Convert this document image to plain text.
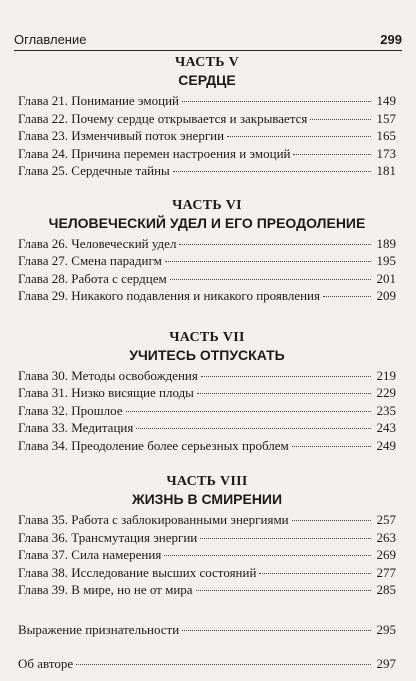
Оглавление	299
ЧАСТЬ V
СЕРДЦЕ
Глава 21. Понимание эмоций	149
Глава 22. Почему сердце открывается и закрывается	157
Глава 23. Изменчивый поток энергии	165
Глава 24. Причина перемен настроения и эмоций	173
Глава 25. Сердечные тайны	181
ЧАСТЬ VI
ЧЕЛОВЕЧЕСКИЙ УДЕЛ И ЕГО ПРЕОДОЛЕНИЕ
Глава 26. Человеческий удел	189
Глава 27. Смена парадигм	195
Глава 28. Работа с сердцем	201
Глава 29. Никакого подавления и никакого проявления	209
ЧАСТЬ VII
УЧИТЕСЬ ОТПУСКАТЬ
Глава 30. Методы освобождения	219
Глава 31. Низко висящие плоды	229
Глава 32. Прошлое	235
Глава 33. Медитация	243
Глава 34. Преодоление более серьезных проблем	249
ЧАСТЬ VIII
ЖИЗНЬ В СМИРЕНИИ
Глава 35. Работа с заблокированными энергиями	257
Глава 36. Трансмутация энергии	263
Глава 37. Сила намерения	269
Глава 38. Исследование высших состояний	277
Глава 39. В мире, но не от мира	285
Выражение признательности	295
Об авторе	297
